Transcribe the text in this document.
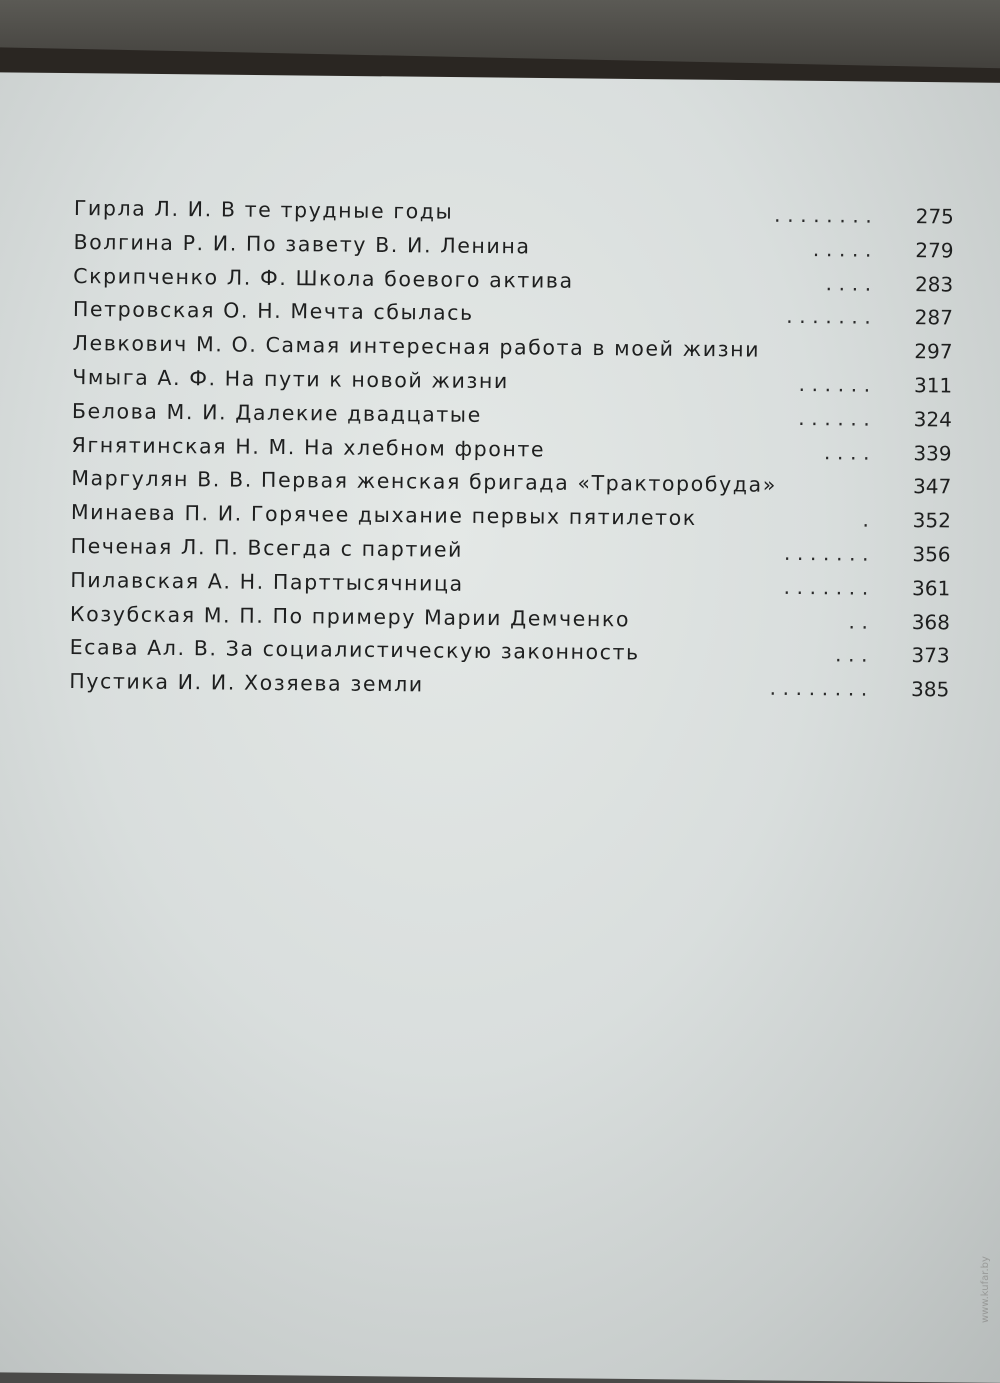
Гирла Л. И. В те трудные годы	. . . . . . . .	275
Волгина Р. И. По завету В. И. Ленина	. . . . .	279
Скрипченко Л. Ф. Школа боевого актива	. . . .	283
Петровская О. Н. Мечта сбылась	. . . . . . .	287
Левкович М. О. Самая интересная работа в моей жизни	297
Чмыга А. Ф. На пути к новой жизни	. . . . . .	311
Белова М. И. Далекие двадцатые	. . . . . .	324
Ягнятинская Н. М. На хлебном фронте	. . . .	339
Маргулян В. В. Первая женская бригада «Тракторобуда»	347
Минаева П. И. Горячее дыхание первых пятилеток	.	352
Печеная Л. П. Всегда с партией	. . . . . . .	356
Пилавская А. Н. Парттысячница	. . . . . . .	361
Козубская М. П. По примеру Марии Демченко	. .	368
Есава Ал. В. За социалистическую законность	. . .	373
Пустика И. И. Хозяева земли	. . . . . . . .	385
www.kufar.by
